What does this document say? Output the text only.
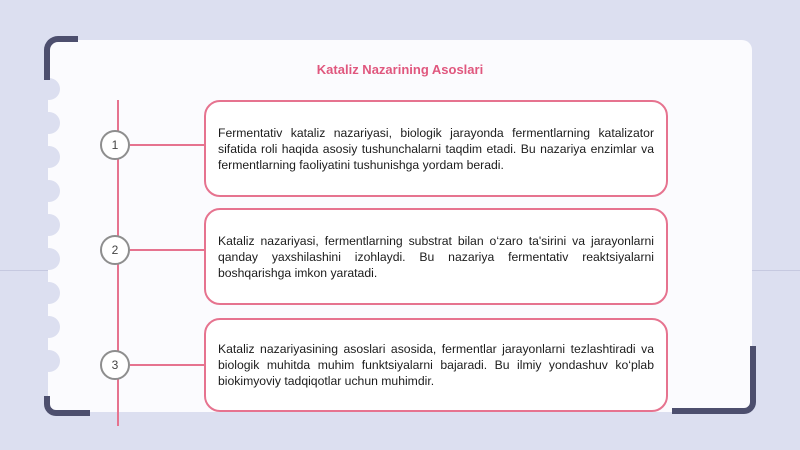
Kataliz Nazarining Asoslari
1
2
3
Fermentativ kataliz nazariyasi, biologik jarayonda fermentlarning katalizator sifatida roli haqida asosiy tushunchalarni taqdim etadi. Bu nazariya enzimlar va fermentlarning faoliyatini tushunishga yordam beradi.
Kataliz nazariyasi, fermentlarning substrat bilan o‘zaro ta'sirini va jarayonlarni qanday yaxshilashini izohlaydi. Bu nazariya fermentativ reaktsiyalarni boshqarishga imkon yaratadi.
Kataliz nazariyasining asoslari asosida, fermentlar jarayonlarni tezlashtiradi va biologik muhitda muhim funktsiyalarni bajaradi. Bu ilmiy yondashuv ko‘plab biokimyoviy tadqiqotlar uchun muhimdir.
